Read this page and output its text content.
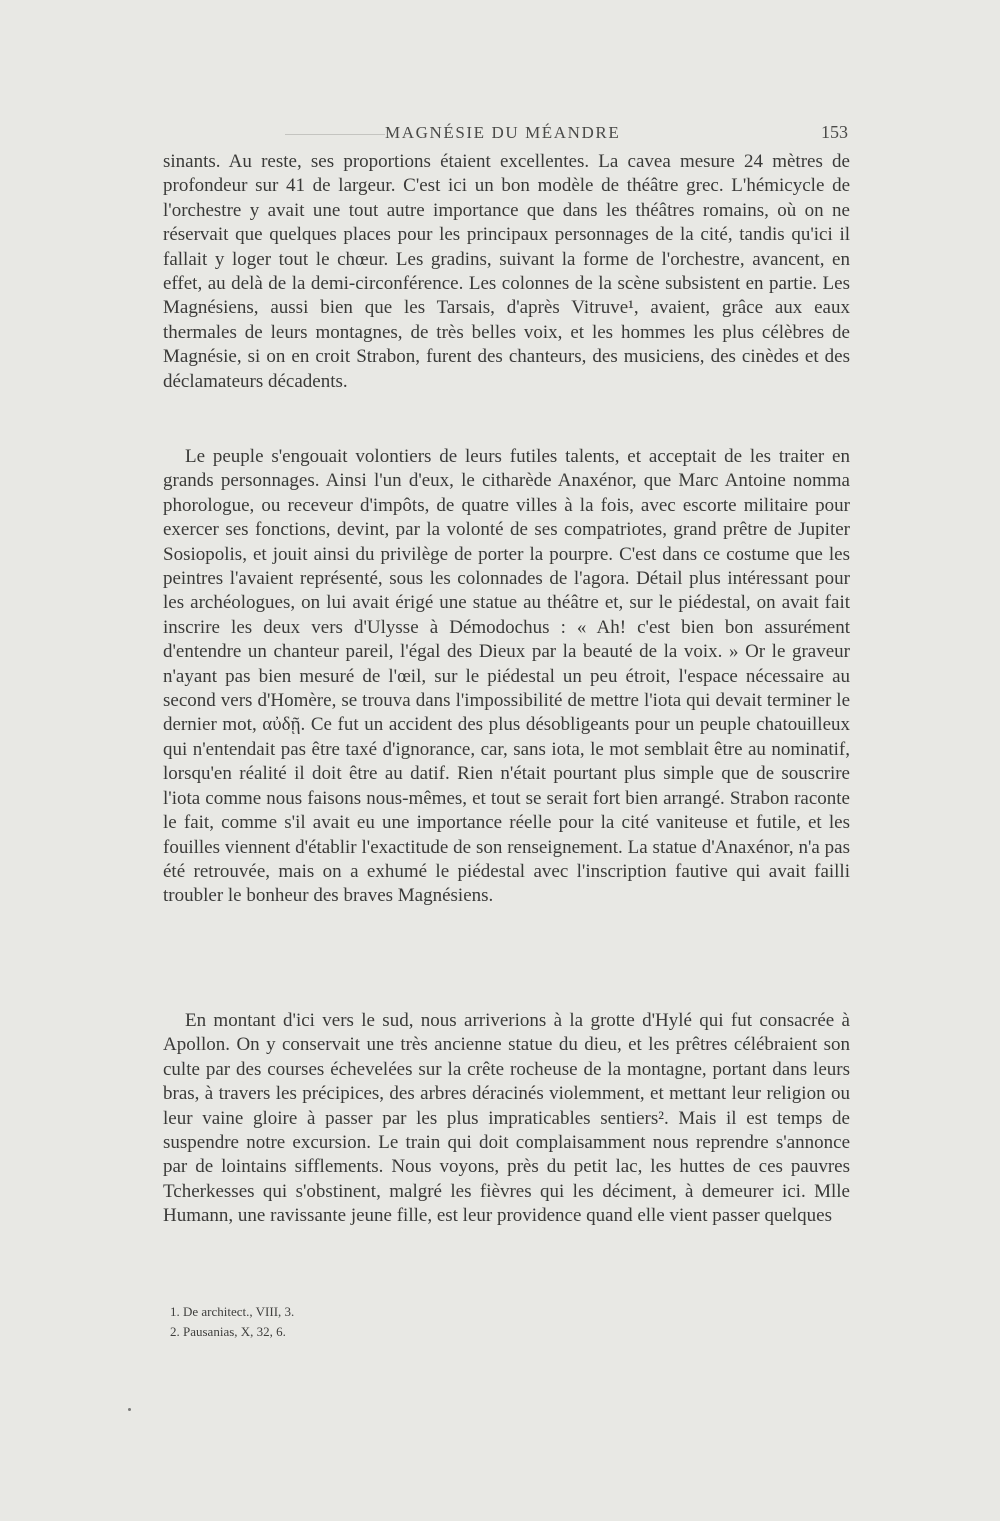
MAGNÉSIE DU MÉANDRE	153

sinants. Au reste, ses proportions étaient excellentes. La cavea mesure 24 mètres de profondeur sur 41 de largeur. C'est ici un bon modèle de théâtre grec. L'hémicycle de l'orchestre y avait une tout autre importance que dans les théâtres romains, où on ne réservait que quelques places pour les principaux personnages de la cité, tandis qu'ici il fallait y loger tout le chœur. Les gradins, suivant la forme de l'orchestre, avancent, en effet, au delà de la demi-circonférence. Les colonnes de la scène subsistent en partie. Les Magnésiens, aussi bien que les Tarsais, d'après Vitruve¹, avaient, grâce aux eaux thermales de leurs montagnes, de très belles voix, et les hommes les plus célèbres de Magnésie, si on en croit Strabon, furent des chanteurs, des musiciens, des cinèdes et des déclamateurs décadents.

Le peuple s'engouait volontiers de leurs futiles talents, et acceptait de les traiter en grands personnages. Ainsi l'un d'eux, le citharède Anaxénor, que Marc Antoine nomma phorologue, ou receveur d'impôts, de quatre villes à la fois, avec escorte militaire pour exercer ses fonctions, devint, par la volonté de ses compatriotes, grand prêtre de Jupiter Sosiopolis, et jouit ainsi du privilège de porter la pourpre. C'est dans ce costume que les peintres l'avaient représenté, sous les colonnades de l'agora. Détail plus intéressant pour les archéologues, on lui avait érigé une statue au théâtre et, sur le piédestal, on avait fait inscrire les deux vers d'Ulysse à Démodochus : « Ah! c'est bien bon assurément d'entendre un chanteur pareil, l'égal des Dieux par la beauté de la voix. » Or le graveur n'ayant pas bien mesuré de l'œil, sur le piédestal un peu étroit, l'espace nécessaire au second vers d'Homère, se trouva dans l'impossibilité de mettre l'iota qui devait terminer le dernier mot, αὐδῇ. Ce fut un accident des plus désobligeants pour un peuple chatouilleux qui n'entendait pas être taxé d'ignorance, car, sans iota, le mot semblait être au nominatif, lorsqu'en réalité il doit être au datif. Rien n'était pourtant plus simple que de souscrire l'iota comme nous faisons nous-mêmes, et tout se serait fort bien arrangé. Strabon raconte le fait, comme s'il avait eu une importance réelle pour la cité vaniteuse et futile, et les fouilles viennent d'établir l'exactitude de son renseignement. La statue d'Anaxénor, n'a pas été retrouvée, mais on a exhumé le piédestal avec l'inscription fautive qui avait failli troubler le bonheur des braves Magnésiens.

En montant d'ici vers le sud, nous arriverions à la grotte d'Hylé qui fut consacrée à Apollon. On y conservait une très ancienne statue du dieu, et les prêtres célébraient son culte par des courses échevelées sur la crête rocheuse de la montagne, portant dans leurs bras, à travers les précipices, des arbres déracinés violemment, et mettant leur religion ou leur vaine gloire à passer par les plus impraticables sentiers². Mais il est temps de suspendre notre excursion. Le train qui doit complaisamment nous reprendre s'annonce par de lointains sifflements. Nous voyons, près du petit lac, les huttes de ces pauvres Tcherkesses qui s'obstinent, malgré les fièvres qui les déciment, à demeurer ici. Mlle Humann, une ravissante jeune fille, est leur providence quand elle vient passer quelques

1. De architect., VIII, 3.

2. Pausanias, X, 32, 6.
